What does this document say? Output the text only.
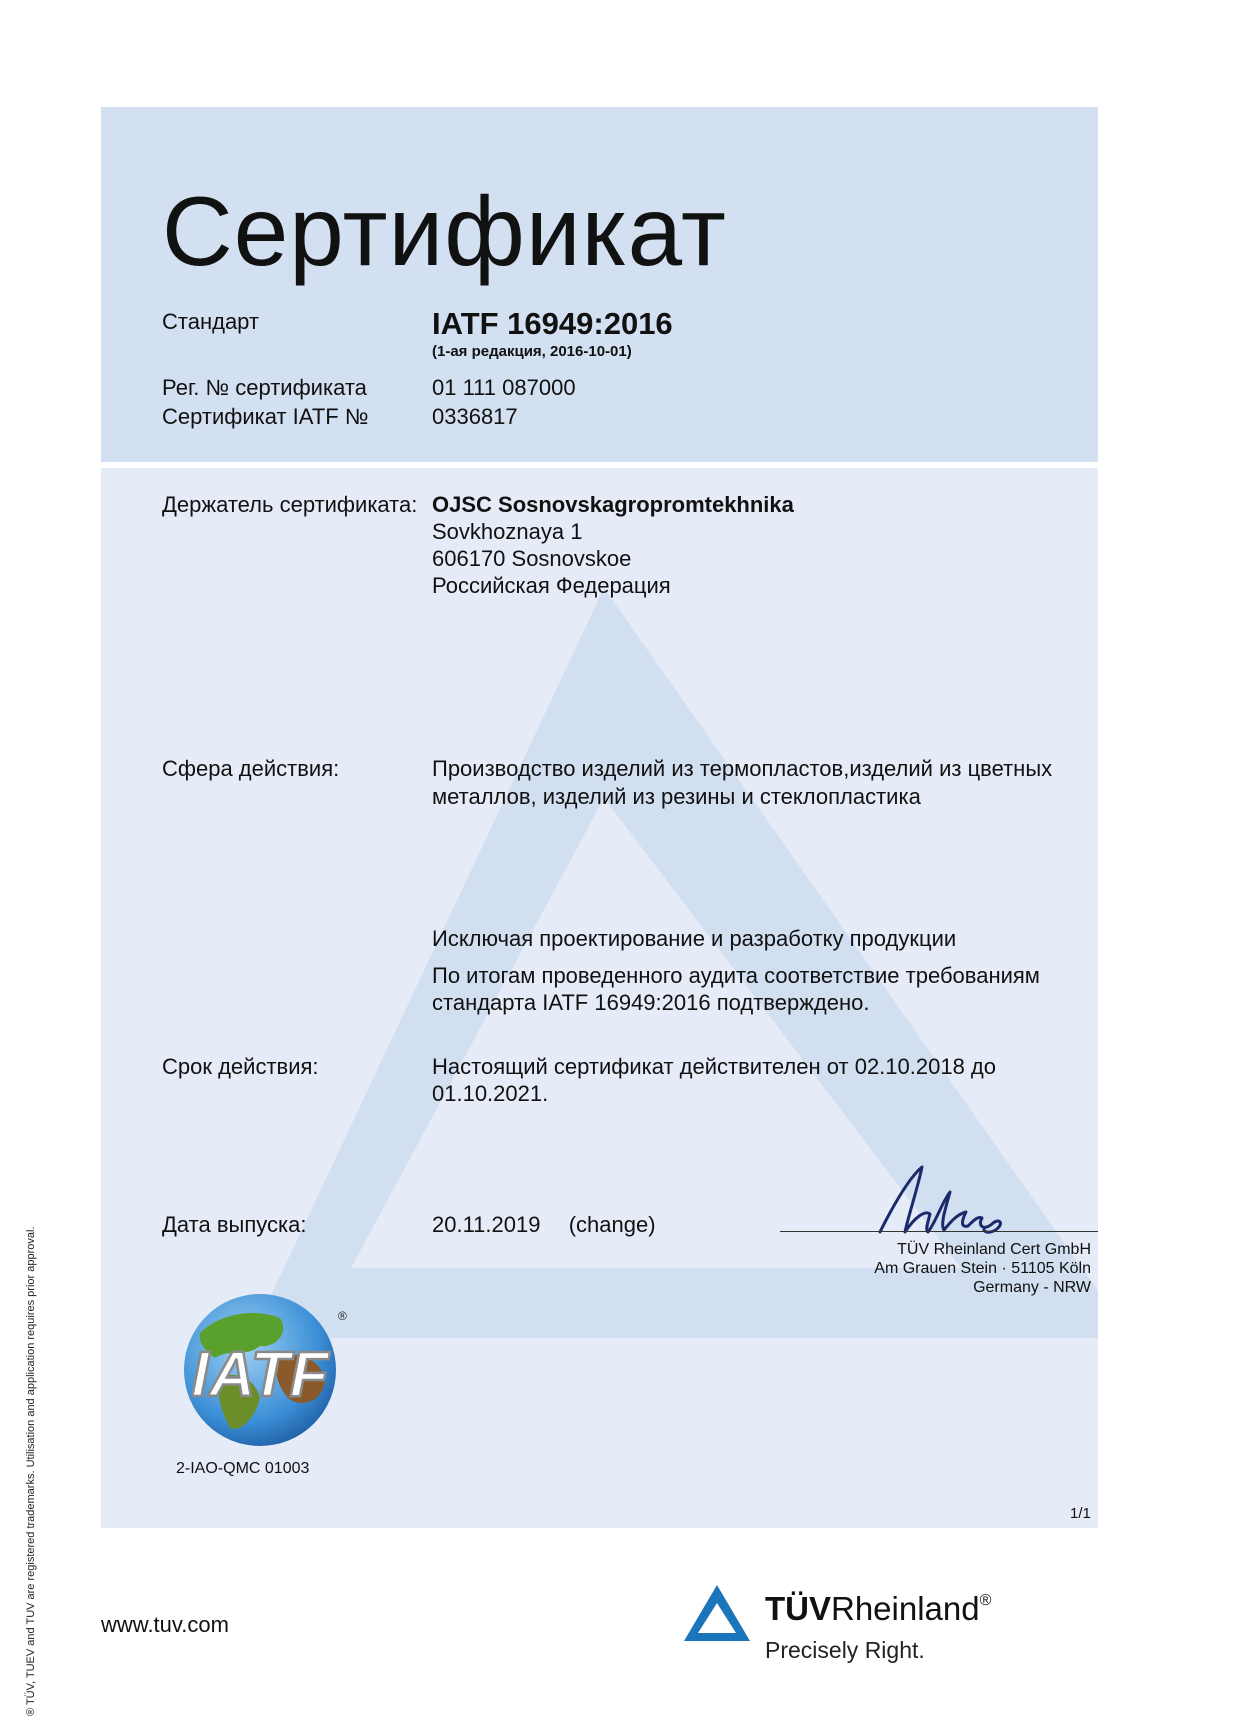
Сертификат
Стандарт	IATF 16949:2016
(1-ая редакция, 2016-10-01)
Рег. № сертификата	01 111 087000
Сертификат IATF №	0336817
Держатель сертификата: OJSC Sosnovskagropromtekhnika
Sovkhoznaya 1
606170 Sosnovskoe
Российская Федерация
Сфера действия:	Производство изделий из термопластов,изделий из цветных
металлов, изделий из резины и стеклопластика
Исключая проектирование и разработку продукции
По итогам проведенного аудита соответствие требованиям
стандарта IATF 16949:2016 подтверждено.
Срок действия:	Настоящий сертификат действителен от 02.10.2018 до
01.10.2021.
Дата выпуска:	20.11.2019 (change)
TÜV Rheinland Cert GmbH
Am Grauen Stein · 51105 Köln
Germany - NRW
IATF
®
2-IAO-QMC 01003
1/1
® TÜV, TUEV and TUV are registered trademarks. Utilisation and application requires prior approval.	www.tuv.com	TÜVRheinland®
Precisely Right.
